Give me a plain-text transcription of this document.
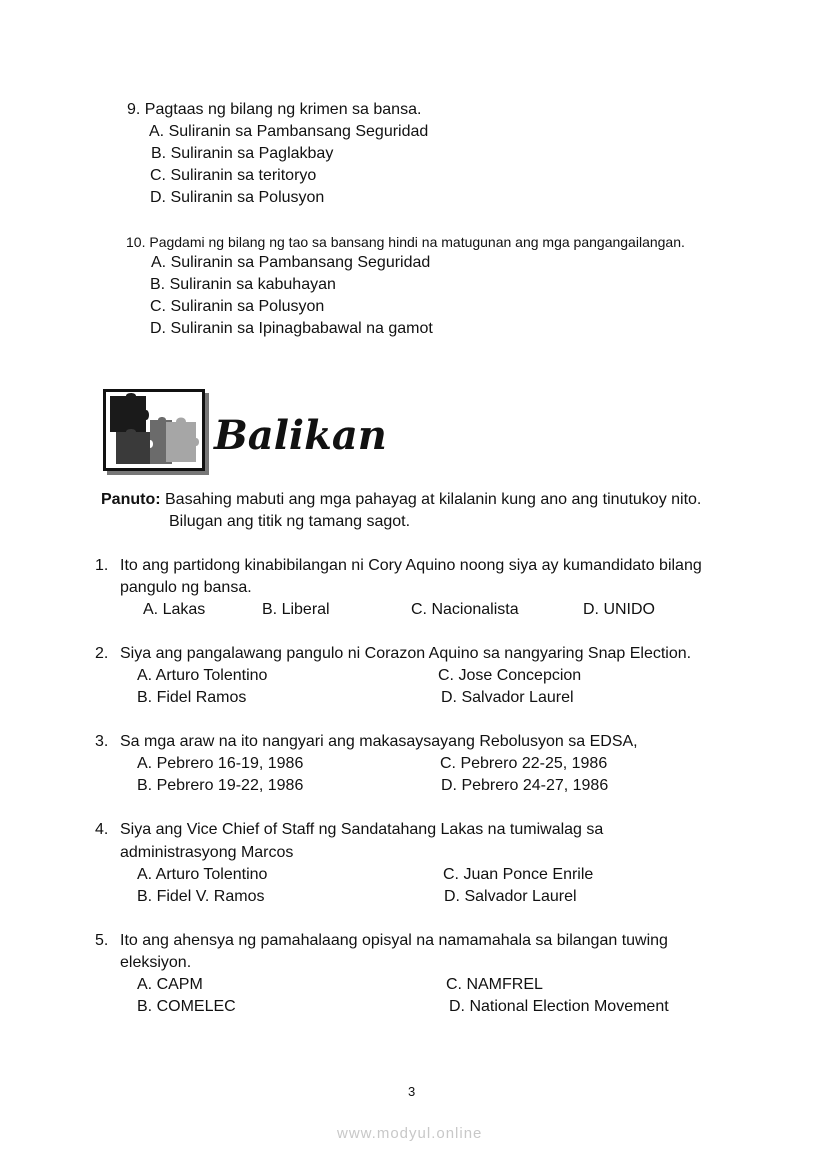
9. Pagtaas ng bilang ng krimen sa bansa.
A. Suliranin sa Pambansang Seguridad
B. Suliranin sa Paglakbay
C. Suliranin sa teritoryo
D. Suliranin sa Polusyon
10. Pagdami ng bilang ng tao sa bansang hindi na matugunan ang mga pangangailangan.
A. Suliranin sa Pambansang Seguridad
B. Suliranin sa kabuhayan
C. Suliranin sa Polusyon
D. Suliranin sa Ipinagbabawal na gamot
Balikan
Panuto: Basahing mabuti ang mga pahayag at kilalanin kung ano ang tinutukoy nito.
Bilugan ang titik ng tamang sagot.
1. Ito ang partidong kinabibilangan ni Cory Aquino noong siya ay kumandidato bilang
pangulo ng bansa.
A. Lakas	B. Liberal	C. Nacionalista	D. UNIDO
2. Siya ang pangalawang pangulo ni Corazon Aquino sa nangyaring Snap Election.
A. Arturo Tolentino	C. Jose Concepcion
B. Fidel Ramos	D. Salvador Laurel
3. Sa mga araw na ito nangyari ang makasaysayang Rebolusyon sa EDSA,
A. Pebrero 16-19, 1986	C. Pebrero 22-25, 1986
B. Pebrero 19-22, 1986	D. Pebrero 24-27, 1986
4. Siya ang Vice Chief of Staff ng Sandatahang Lakas na tumiwalag sa
administrasyong Marcos
A. Arturo Tolentino	C. Juan Ponce Enrile
B. Fidel V. Ramos	D. Salvador Laurel
5. Ito ang ahensya ng pamahalaang opisyal na namamahala sa bilangan tuwing
eleksiyon.
A. CAPM	C. NAMFREL
B. COMELEC	D. National Election Movement
3
www.modyul.online
